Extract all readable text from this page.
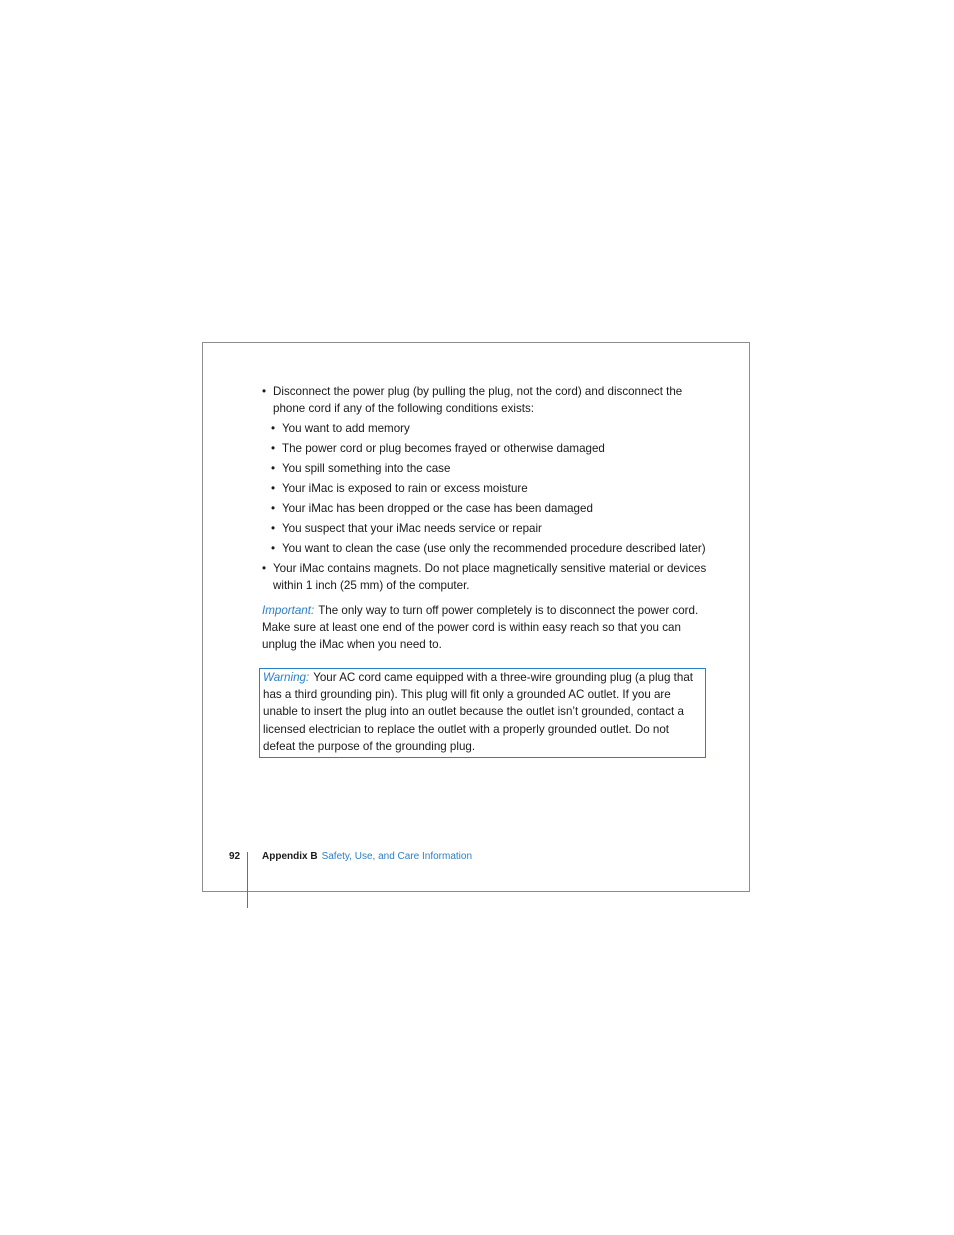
• Disconnect the power plug (by pulling the plug, not the cord) and disconnect the phone cord if any of the following conditions exists:
• You want to add memory
• The power cord or plug becomes frayed or otherwise damaged
• You spill something into the case
• Your iMac is exposed to rain or excess moisture
• Your iMac has been dropped or the case has been damaged
• You suspect that your iMac needs service or repair
• You want to clean the case (use only the recommended procedure described later)
• Your iMac contains magnets. Do not place magnetically sensitive material or devices within 1 inch (25 mm) of the computer.
Important: The only way to turn off power completely is to disconnect the power cord. Make sure at least one end of the power cord is within easy reach so that you can unplug the iMac when you need to.
Warning: Your AC cord came equipped with a three-wire grounding plug (a plug that has a third grounding pin). This plug will fit only a grounded AC outlet. If you are unable to insert the plug into an outlet because the outlet isn’t grounded, contact a licensed electrician to replace the outlet with a properly grounded outlet. Do not defeat the purpose of the grounding plug.
92 Appendix B Safety, Use, and Care Information
